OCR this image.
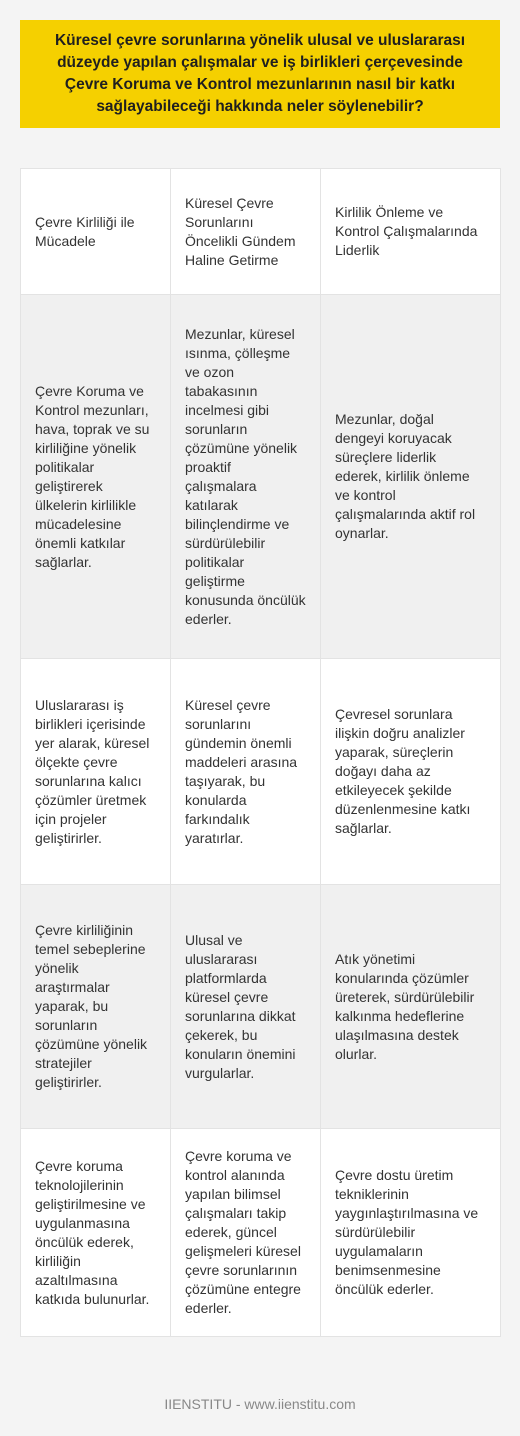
Küresel çevre sorunlarına yönelik ulusal ve uluslararası düzeyde yapılan çalışmalar ve iş birlikleri çerçevesinde Çevre Koruma ve Kontrol mezunlarının nasıl bir katkı sağlayabileceği hakkında neler söylenebilir?
Çevre Kirliliği ile Mücadele	Küresel Çevre Sorunlarını Öncelikli Gündem Haline Getirme	Kirlilik Önleme ve Kontrol Çalışmalarında Liderlik
Çevre Koruma ve Kontrol mezunları, hava, toprak ve su kirliliğine yönelik politikalar geliştirerek ülkelerin kirlilikle mücadelesine önemli katkılar sağlarlar.	Mezunlar, küresel ısınma, çölleşme ve ozon tabakasının incelmesi gibi sorunların çözümüne yönelik proaktif çalışmalara katılarak bilinçlendirme ve sürdürülebilir politikalar geliştirme konusunda öncülük ederler.	Mezunlar, doğal dengeyi koruyacak süreçlere liderlik ederek, kirlilik önleme ve kontrol çalışmalarında aktif rol oynarlar.
Uluslararası iş birlikleri içerisinde yer alarak, küresel ölçekte çevre sorunlarına kalıcı çözümler üretmek için projeler geliştirirler.	Küresel çevre sorunlarını gündemin önemli maddeleri arasına taşıyarak, bu konularda farkındalık yaratırlar.	Çevresel sorunlara ilişkin doğru analizler yaparak, süreçlerin doğayı daha az etkileyecek şekilde düzenlenmesine katkı sağlarlar.
Çevre kirliliğinin temel sebeplerine yönelik araştırmalar yaparak, bu sorunların çözümüne yönelik stratejiler geliştirirler.	Ulusal ve uluslararası platformlarda küresel çevre sorunlarına dikkat çekerek, bu konuların önemini vurgularlar.	Atık yönetimi konularında çözümler üreterek, sürdürülebilir kalkınma hedeflerine ulaşılmasına destek olurlar.
Çevre koruma teknolojilerinin geliştirilmesine ve uygulanmasına öncülük ederek, kirliliğin azaltılmasına katkıda bulunurlar.	Çevre koruma ve kontrol alanında yapılan bilimsel çalışmaları takip ederek, güncel gelişmeleri küresel çevre sorunlarının çözümüne entegre ederler.	Çevre dostu üretim tekniklerinin yaygınlaştırılmasına ve sürdürülebilir uygulamaların benimsenmesine öncülük ederler.
IIENSTITU - www.iienstitu.com
